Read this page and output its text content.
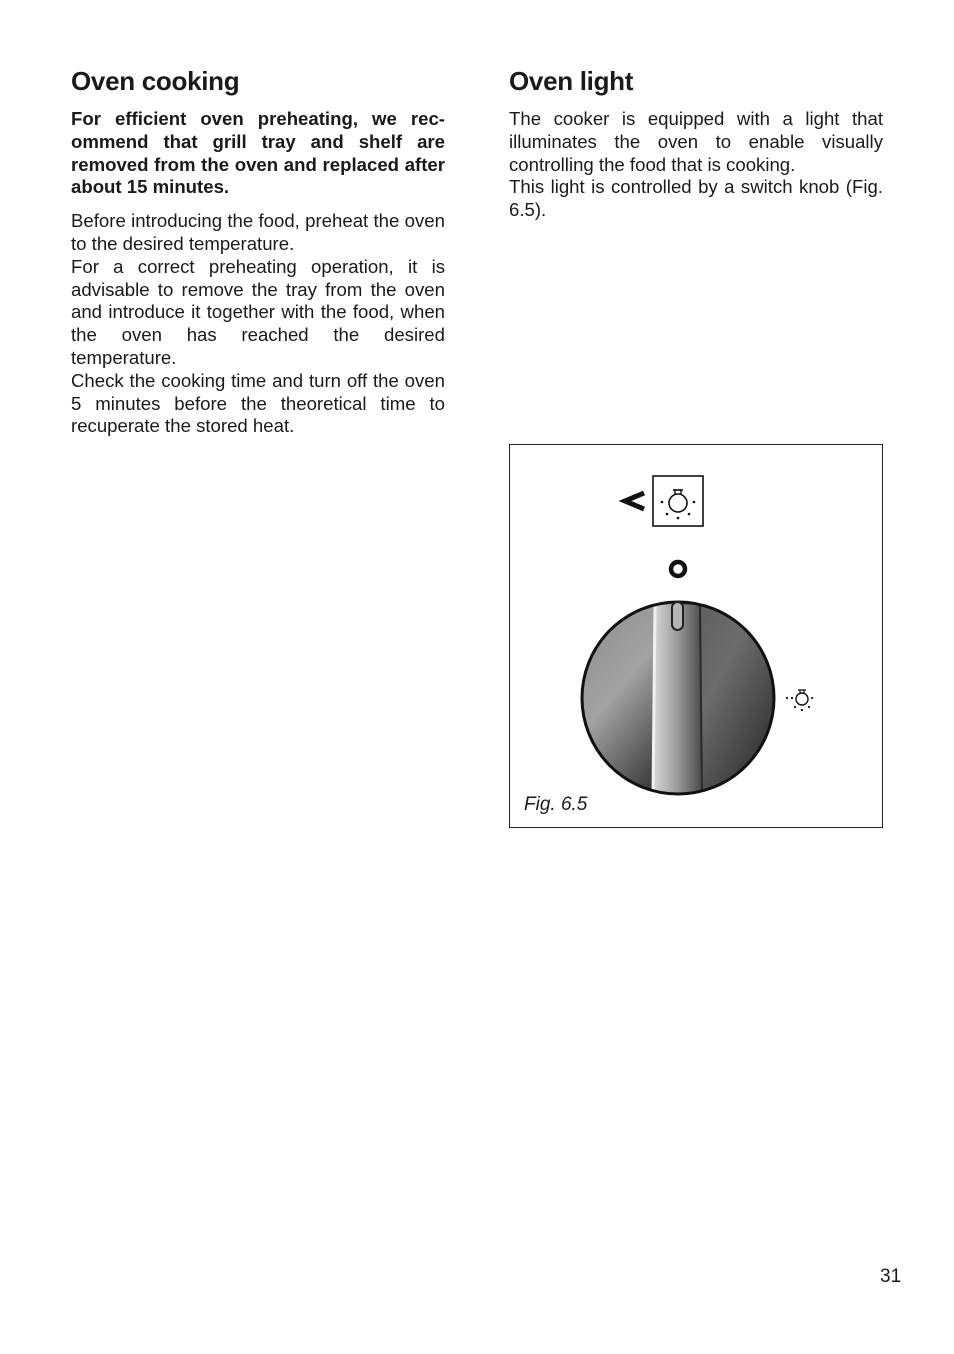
Oven cooking

For efficient oven preheating, we rec-ommend that grill tray and shelf are removed from the oven and replaced after about 15 minutes.

Before introducing the food, preheat the oven to the desired temperature.

For a correct preheating operation, it is advisable to remove the tray from the oven and introduce it together with the food, when the oven has reached the desired temperature.

Check the cooking time and turn off the oven 5 minutes before the theoretical time to recuperate the stored heat.

Oven light

The cooker is equipped with a light that illuminates the oven to enable visually controlling the food that is cooking.

This light is controlled by a switch knob (Fig. 6.5).

Fig. 6.5
31
